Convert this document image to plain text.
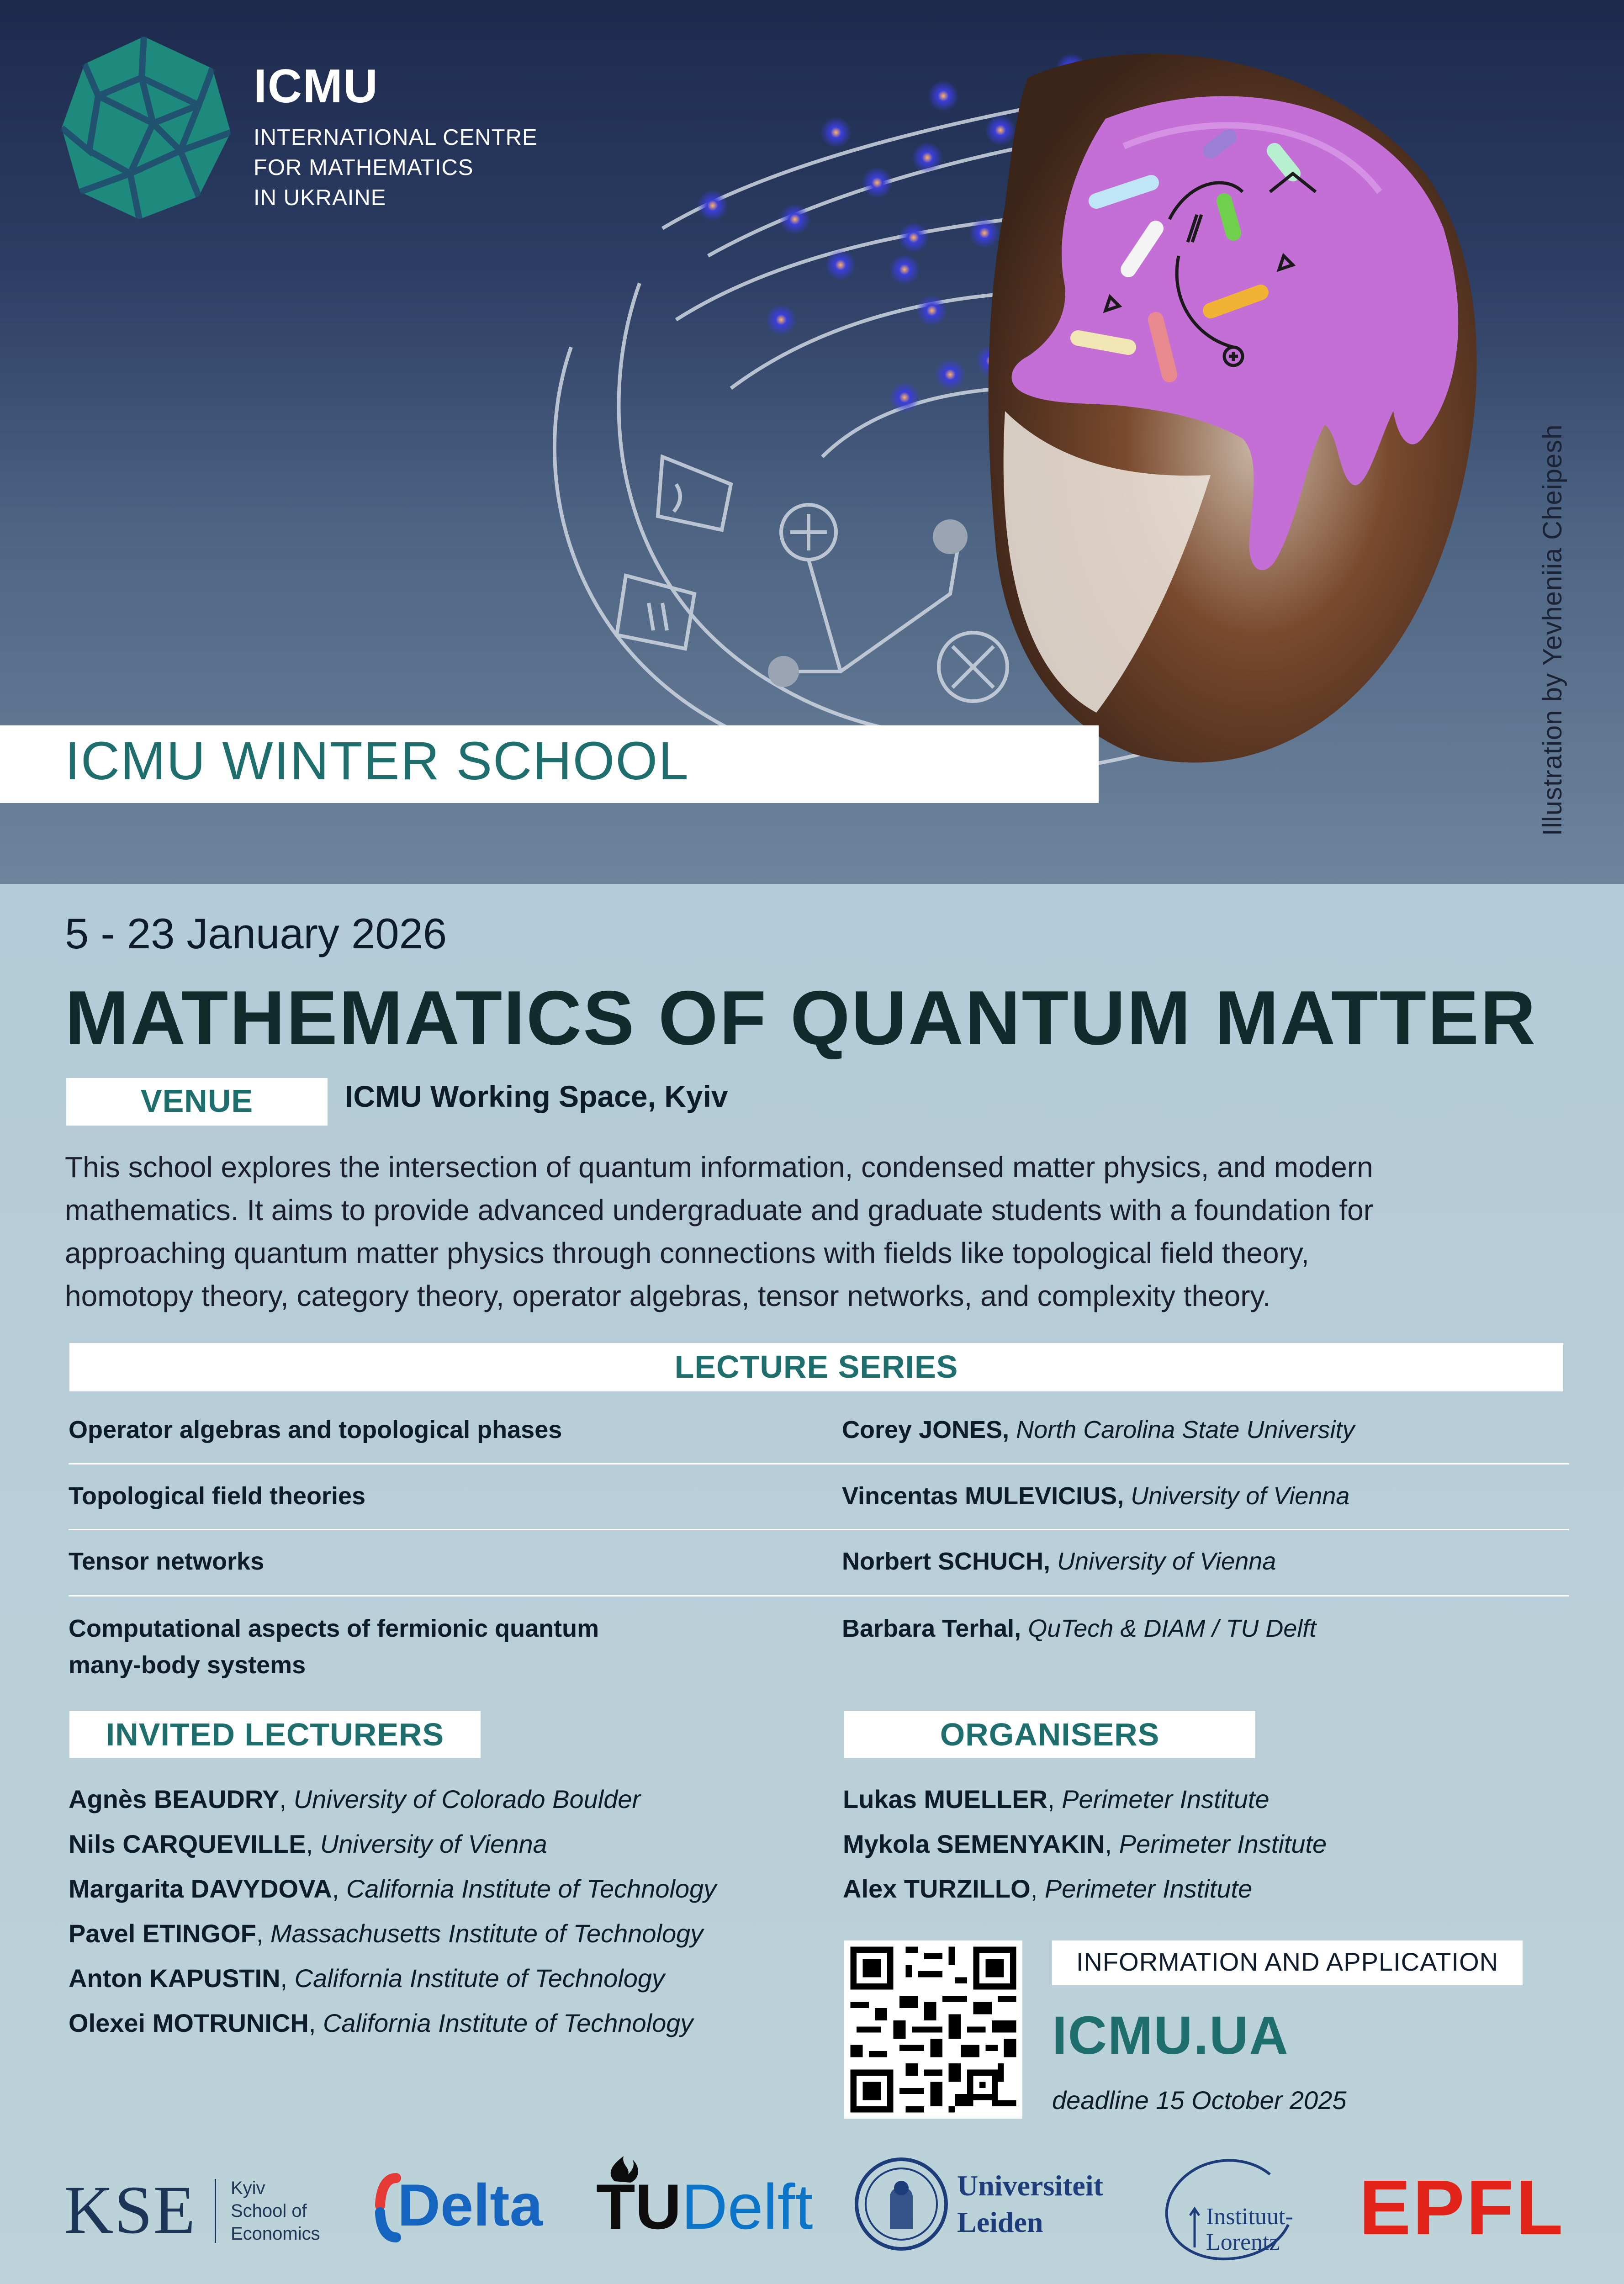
ICMU
INTERNATIONAL CENTRE
FOR MATHEMATICS
IN UKRAINE
ICMU WINTER SCHOOL	Illustration by Yevheniia Cheipesh
5 - 23 January 2026
MATHEMATICS OF QUANTUM MATTER
VENUE	ICMU Working Space, Kyiv
This school explores the intersection of quantum information, condensed matter physics, and modern
mathematics. It aims to provide advanced undergraduate and graduate students with a foundation for
approaching quantum matter physics through connections with fields like topological field theory,
homotopy theory, category theory, operator algebras, tensor networks, and complexity theory.
LECTURE SERIES
Operator algebras and topological phases	Corey JONES, North Carolina State University
Topological field theories	Vincentas MULEVICIUS, University of Vienna
Tensor networks	Norbert SCHUCH, University of Vienna
Computational aspects of fermionic quantum
many-body systems
Barbara Terhal, QuTech & DIAM / TU Delft
INVITED LECTURERS	ORGANISERS
Agnès BEAUDRY, University of Colorado Boulder
Nils CARQUEVILLE, University of Vienna
Margarita DAVYDOVA, California Institute of Technology
Pavel ETINGOF, Massachusetts Institute of Technology
Anton KAPUSTIN, California Institute of Technology
Olexei MOTRUNICH, California Institute of Technology
Lukas MUELLER, Perimeter Institute
Mykola SEMENYAKIN, Perimeter Institute
Alex TURZILLO, Perimeter Institute
INFORMATION AND APPLICATION
ICMU.UA
deadline 15 October 2025
KSE Kyiv
School of
Economics Delta TUDelft	Universiteit
Leiden	Instituut-
Lorentz EPFL
